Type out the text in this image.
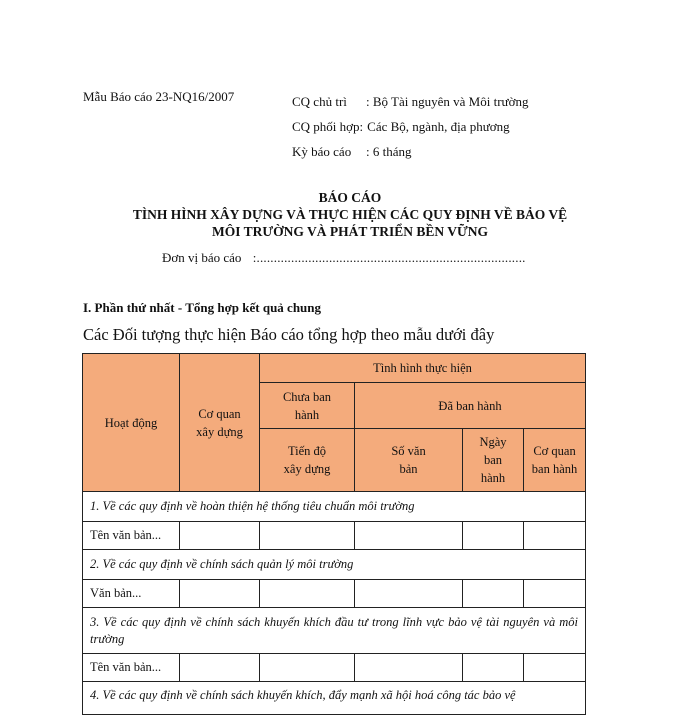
Mẫu Báo cáo 23-NQ16/2007	CQ chủ trì	: Bộ Tài nguyên và Môi trường
CQ phối hợp: Các Bộ, ngành, địa phương
Kỳ báo cáo	: 6 tháng
BÁO CÁO
TÌNH HÌNH XÂY DỰNG VÀ THỰC HIỆN CÁC QUY ĐỊNH VỀ BẢO VỆ
MÔI TRƯỜNG VÀ PHÁT TRIỂN BỀN VỮNG
Đơn vị báo cáo :..............................................................................
I. Phần thứ nhất - Tổng hợp kết quả chung
Các Đối tượng thực hiện Báo cáo tổng hợp theo mẫu dưới đây
Hoạt động	Cơ quan xây dựng	Tình hình thực hiện			
		Chưa ban hành	Đã ban hành		
		Tiến độ xây dựng	Số văn bản	Ngày ban hành	Cơ quan ban hành
1. Về các quy định về hoàn thiện hệ thống tiêu chuẩn môi trường					
Tên văn bản...					
2. Về các quy định về chính sách quản lý môi trường					
Văn bản...					
3. Về các quy định về chính sách khuyến khích đầu tư trong lĩnh vực bảo vệ tài nguyên và môi trường					
Tên văn bản...					
4. Về các quy định về chính sách khuyến khích, đẩy mạnh xã hội hoá công tác bảo vệ					
